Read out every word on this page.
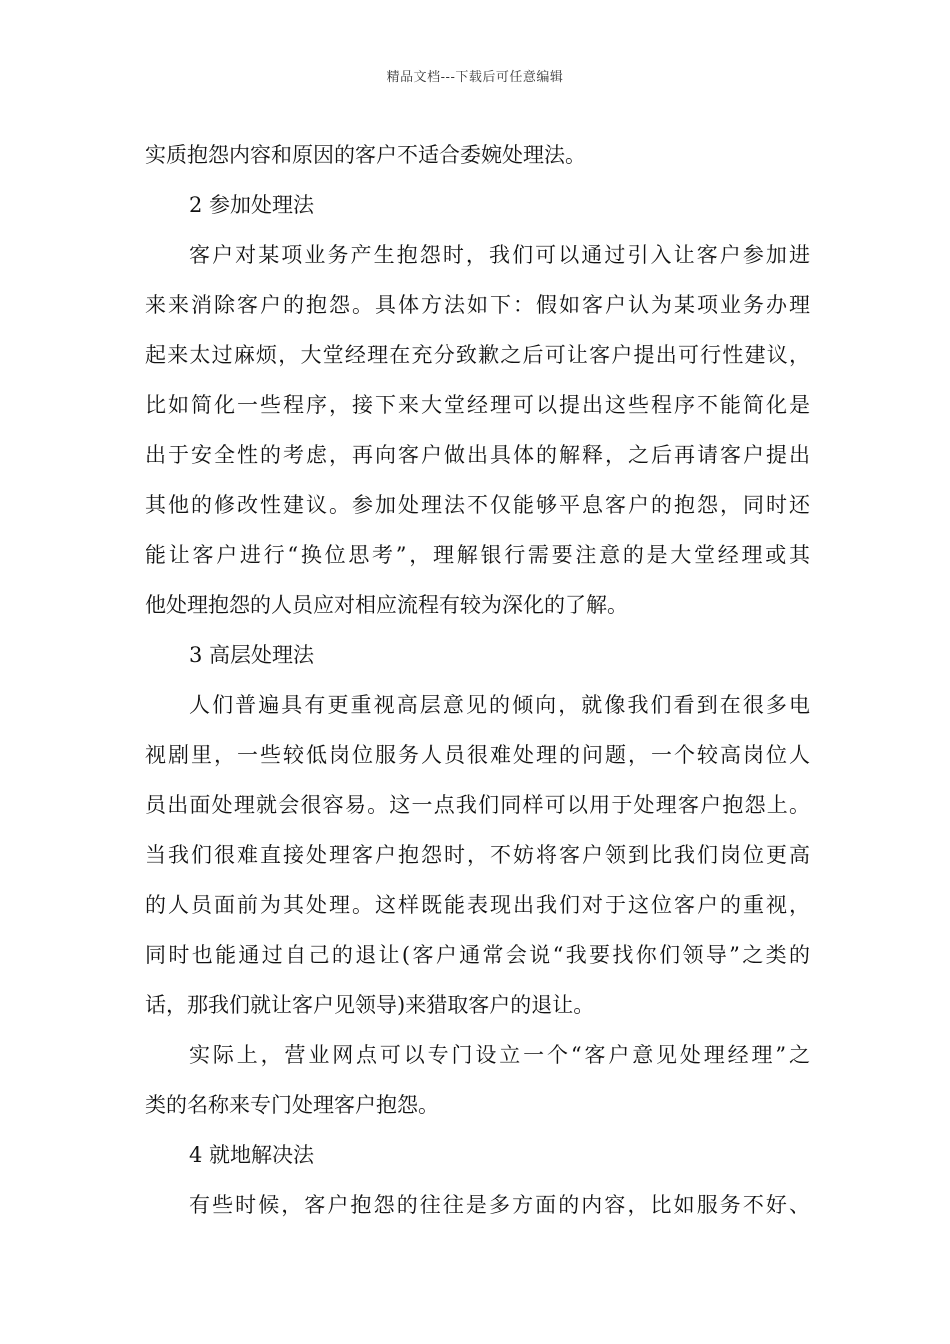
精品文档---下载后可任意编辑
实质抱怨内容和原因的客户不适合委婉处理法。
2 参加处理法
客户对某项业务产生抱怨时，我们可以通过引入让客户参加进
来来消除客户的抱怨。具体方法如下：假如客户认为某项业务办理
起来太过麻烦，大堂经理在充分致歉之后可让客户提出可行性建议，
比如简化一些程序，接下来大堂经理可以提出这些程序不能简化是
出于安全性的考虑，再向客户做出具体的解释，之后再请客户提出
其他的修改性建议。参加处理法不仅能够平息客户的抱怨，同时还
能让客户进行“换位思考”，理解银行需要注意的是大堂经理或其
他处理抱怨的人员应对相应流程有较为深化的了解。
3 高层处理法
人们普遍具有更重视高层意见的倾向，就像我们看到在很多电
视剧里，一些较低岗位服务人员很难处理的问题，一个较高岗位人
员出面处理就会很容易。这一点我们同样可以用于处理客户抱怨上。
当我们很难直接处理客户抱怨时，不妨将客户领到比我们岗位更高
的人员面前为其处理。这样既能表现出我们对于这位客户的重视，
同时也能通过自己的退让(客户通常会说“我要找你们领导”之类的
话，那我们就让客户见领导)来猎取客户的退让。
实际上，营业网点可以专门设立一个“客户意见处理经理”之
类的名称来专门处理客户抱怨。
4 就地解决法
有些时候，客户抱怨的往往是多方面的内容，比如服务不好、
